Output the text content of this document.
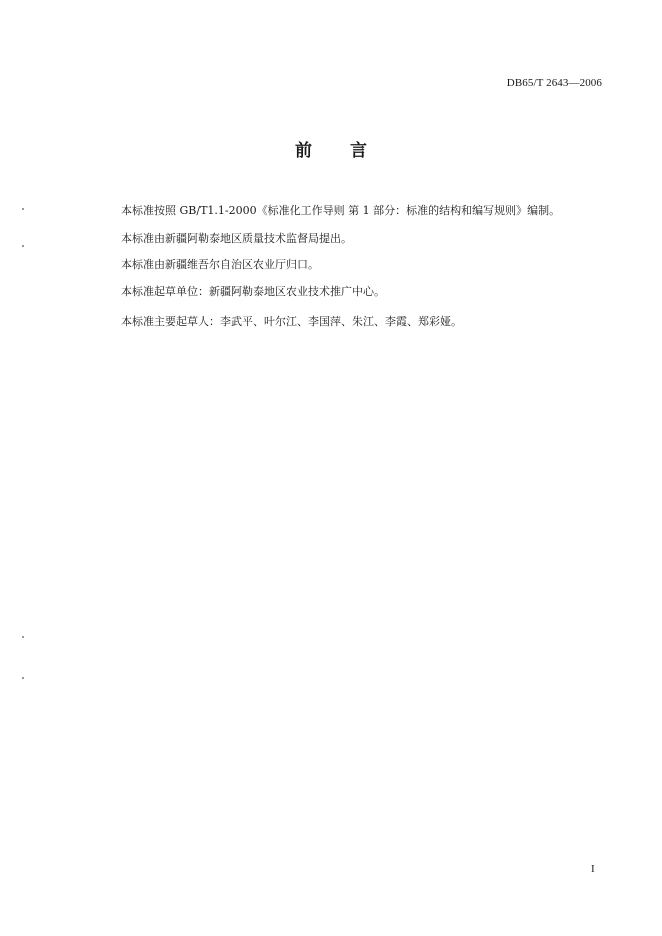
DB65/T 2643—2006
前 言
本标准按照 GB/T1.1-2000《标准化工作导则 第 1 部分：标准的结构和编写规则》编制。
本标准由新疆阿勒泰地区质量技术监督局提出。
本标准由新疆维吾尔自治区农业厅归口。
本标准起草单位：新疆阿勒泰地区农业技术推广中心。
本标准主要起草人：李武平、叶尔江、李国萍、朱江、李霞、郑彩娅。
I
